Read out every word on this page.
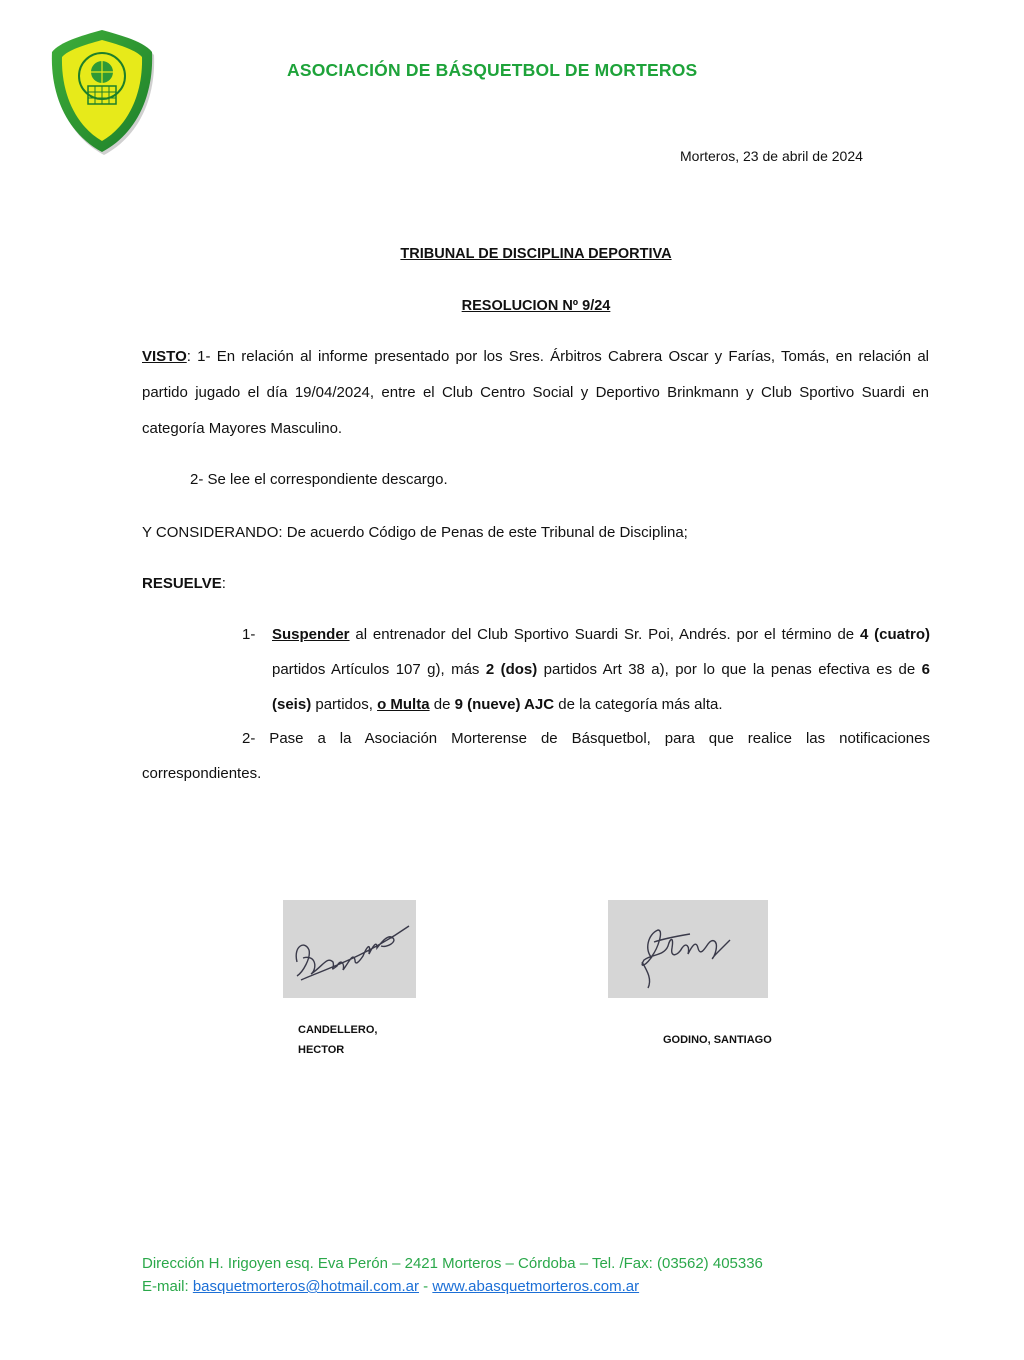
ASOCIACIÓN DE BÁSQUETBOL DE MORTEROS
Morteros, 23 de abril de 2024
TRIBUNAL DE DISCIPLINA DEPORTIVA
RESOLUCION Nº 9/24
VISTO: 1- En relación al informe presentado por los Sres. Árbitros Cabrera Oscar y Farías, Tomás, en relación al partido jugado el día 19/04/2024, entre el Club Centro Social y Deportivo Brinkmann y Club Sportivo Suardi en categoría Mayores Masculino.
2- Se lee el correspondiente descargo.
Y CONSIDERANDO: De acuerdo Código de Penas de este Tribunal de Disciplina;
RESUELVE:
1- Suspender al entrenador del Club Sportivo Suardi Sr. Poi, Andrés. por el término de 4 (cuatro) partidos Artículos 107 g), más 2 (dos) partidos Art 38 a), por lo que la penas efectiva es de 6 (seis) partidos, o Multa de 9 (nueve) AJC de la categoría más alta.
2- Pase a la Asociación Morterense de Básquetbol, para que realice las notificaciones correspondientes.
CANDELLERO,
HECTOR
GODINO, SANTIAGO
Dirección H. Irigoyen esq. Eva Perón – 2421 Morteros – Córdoba – Tel. /Fax: (03562) 405336
E-mail: basquetmorteros@hotmail.com.ar - www.abasquetmorteros.com.ar
